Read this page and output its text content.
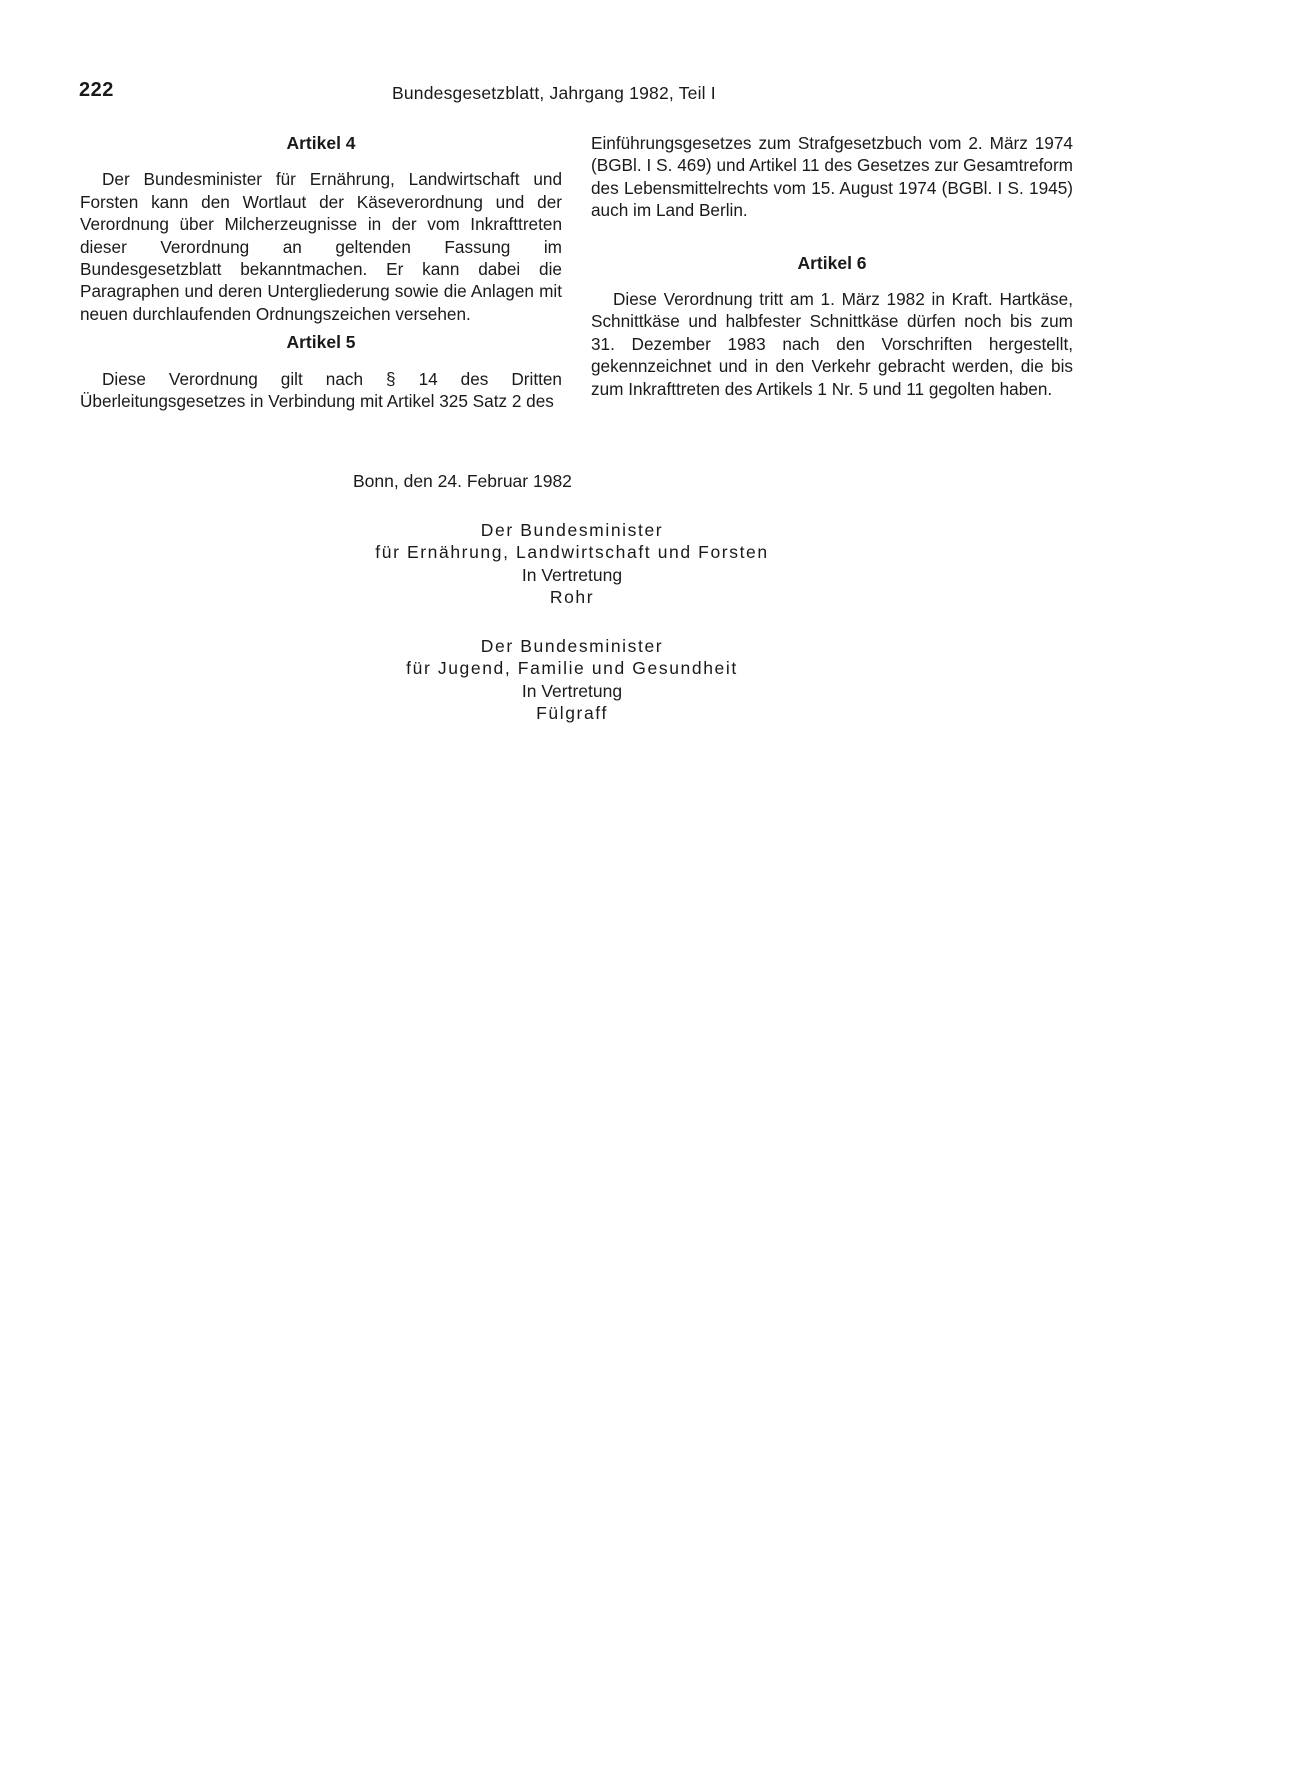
222	Bundesgesetzblatt, Jahrgang 1982, Teil I

Artikel 4

Der Bundesminister für Ernährung, Landwirtschaft und Forsten kann den Wortlaut der Käseverordnung und der Verordnung über Milcherzeugnisse in der vom Inkrafttreten dieser Verordnung an geltenden Fassung im Bundesgesetzblatt bekanntmachen. Er kann dabei die Paragraphen und deren Untergliederung sowie die Anlagen mit neuen durchlaufenden Ordnungszeichen versehen.

Artikel 5

Diese Verordnung gilt nach § 14 des Dritten Überleitungsgesetzes in Verbindung mit Artikel 325 Satz 2 des

Einführungsgesetzes zum Strafgesetzbuch vom 2. März 1974 (BGBl. I S. 469) und Artikel 11 des Gesetzes zur Gesamtreform des Lebensmittelrechts vom 15. August 1974 (BGBl. I S. 1945) auch im Land Berlin.

Artikel 6

Diese Verordnung tritt am 1. März 1982 in Kraft. Hartkäse, Schnittkäse und halbfester Schnittkäse dürfen noch bis zum 31. Dezember 1983 nach den Vorschriften hergestellt, gekennzeichnet und in den Verkehr gebracht werden, die bis zum Inkrafttreten des Artikels 1 Nr. 5 und 11 gegolten haben.

Bonn, den 24. Februar 1982
Der Bundesminister
für Ernährung, Landwirtschaft und Forsten
In Vertretung
Rohr
Der Bundesminister
für Jugend, Familie und Gesundheit
In Vertretung
Fülgraff
